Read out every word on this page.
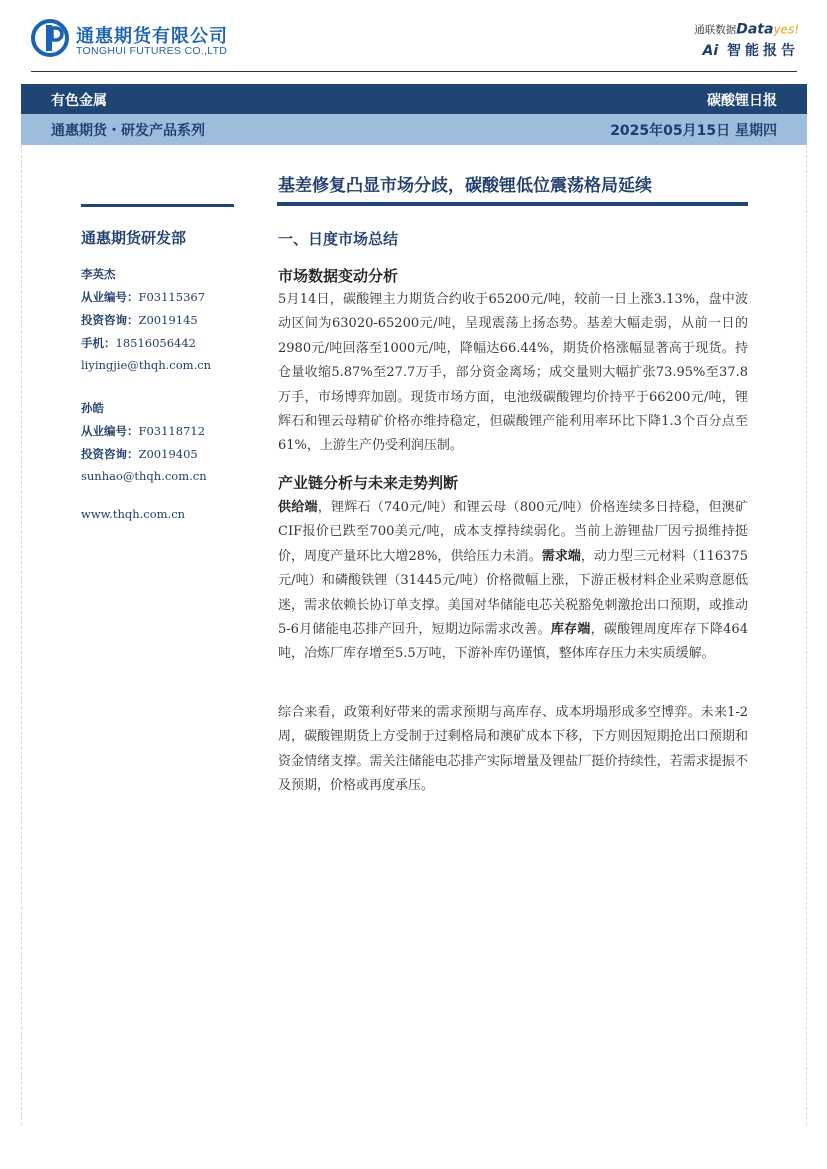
通惠期货有限公司
TONGHUI FUTURES CO.,LTD
通联数据Datayes!
Ai 智能报告
有色金属	碳酸锂日报
通惠期货・研发产品系列	2025年05月15日 星期四
通惠期货研发部
李英杰
从业编号：F03115367
投资咨询：Z0019145
手机：18516056442
liyingjie@thqh.com.cn
孙皓
从业编号：F03118712
投资咨询：Z0019405
sunhao@thqh.com.cn
www.thqh.com.cn
基差修复凸显市场分歧，碳酸锂低位震荡格局延续
一、日度市场总结
市场数据变动分析
5月14日，碳酸锂主力期货合约收于65200元/吨，较前一日上涨3.13%，盘中波动区间为63020-65200元/吨，呈现震荡上扬态势。基差大幅走弱，从前一日的2980元/吨回落至1000元/吨，降幅达66.44%，期货价格涨幅显著高于现货。持仓量收缩5.87%至27.7万手，部分资金离场；成交量则大幅扩张73.95%至37.8万手，市场博弈加剧。现货市场方面，电池级碳酸锂均价持平于66200元/吨，锂辉石和锂云母精矿价格亦维持稳定，但碳酸锂产能利用率环比下降1.3个百分点至61%，上游生产仍受利润压制。
产业链分析与未来走势判断
供给端，锂辉石（740元/吨）和锂云母（800元/吨）价格连续多日持稳，但澳矿CIF报价已跌至700美元/吨，成本支撑持续弱化。当前上游锂盐厂因亏损维持挺价，周度产量环比大增28%，供给压力未消。需求端，动力型三元材料（116375元/吨）和磷酸铁锂（31445元/吨）价格微幅上涨，下游正极材料企业采购意愿低迷，需求依赖长协订单支撑。美国对华储能电芯关税豁免刺激抢出口预期，或推动5-6月储能电芯排产回升，短期边际需求改善。库存端，碳酸锂周度库存下降464吨，冶炼厂库存增至5.5万吨，下游补库仍谨慎，整体库存压力未实质缓解。
综合来看，政策利好带来的需求预期与高库存、成本坍塌形成多空博弈。未来1-2周，碳酸锂期货上方受制于过剩格局和澳矿成本下移，下方则因短期抢出口预期和资金情绪支撑。需关注储能电芯排产实际增量及锂盐厂挺价持续性，若需求提振不及预期，价格或再度承压。
